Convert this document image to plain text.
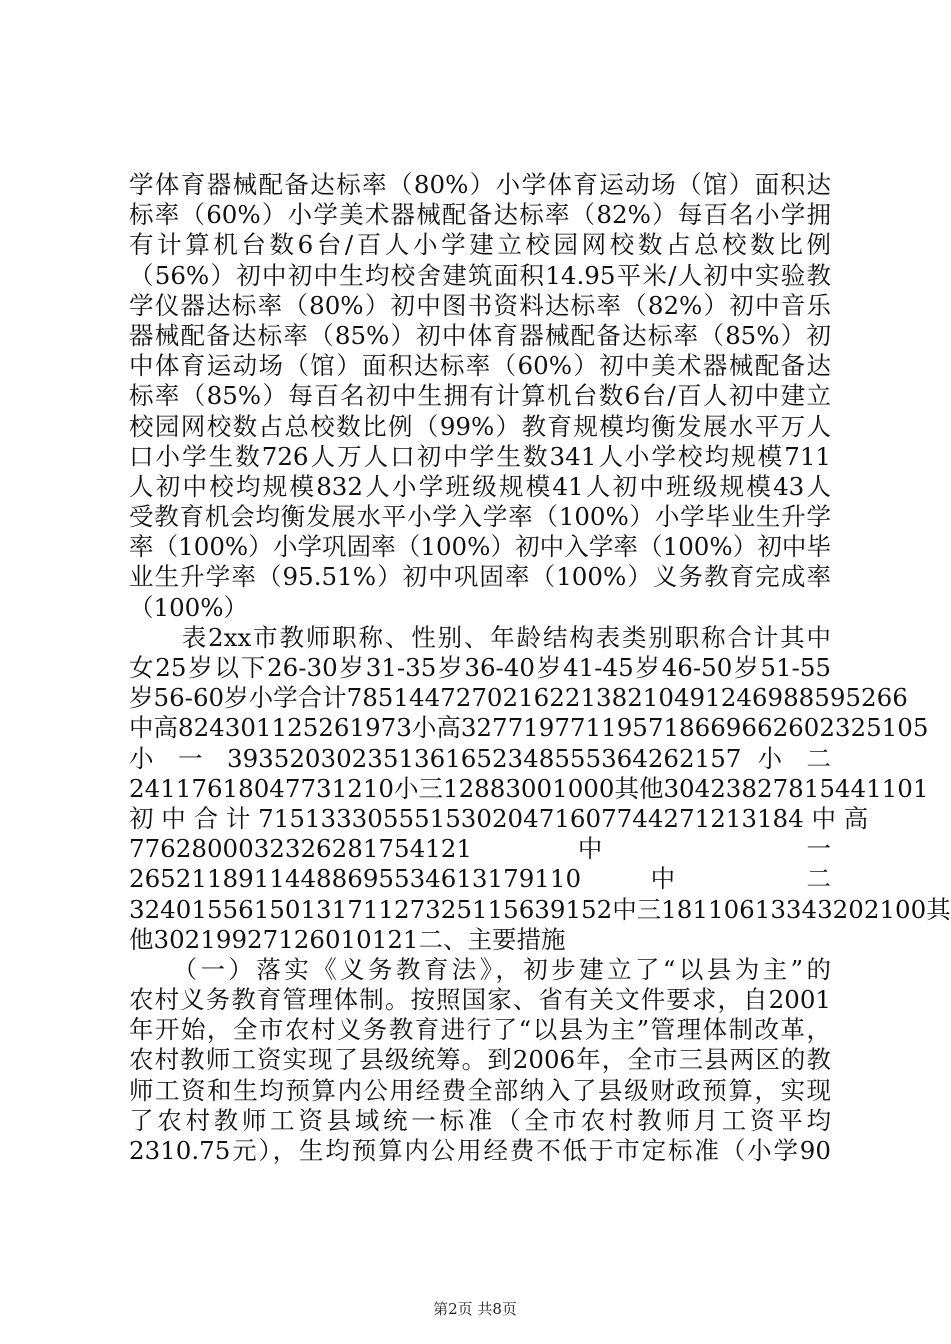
学体育器械配备达标率（80%）小学体育运动场（馆）面积达
标率（60%）小学美术器械配备达标率（82%）每百名小学拥
有计算机台数6台/百人小学建立校园网校数占总校数比例
（56%）初中初中生均校舍建筑面积14.95平米/人初中实验教
学仪器达标率（80%）初中图书资料达标率（82%）初中音乐
器械配备达标率（85%）初中体育器械配备达标率（85%）初
中体育运动场（馆）面积达标率（60%）初中美术器械配备达
标率（85%）每百名初中生拥有计算机台数6台/百人初中建立
校园网校数占总校数比例（99%）教育规模均衡发展水平万人
口小学生数726人万人口初中学生数341人小学校均规模711
人初中校均规模832人小学班级规模41人初中班级规模43人
受教育机会均衡发展水平小学入学率（100%）小学毕业生升学
率（100%）小学巩固率（100%）初中入学率（100%）初中毕
业生升学率（95.51%）初中巩固率（100%）义务教育完成率
（100%）
　　表2xx市教师职称、性别、年龄结构表类别职称合计其中
女25岁以下26-30岁31-35岁36-40岁41-45岁46-50岁51-55
岁56-60岁小学合计785144727021622138210491246988595266
中高824301125261973小高32771977119571866966260232510​5
小 一 39352030235136165234855536426215​7 小 二
24117618047731210小三12883001000其他30423827815441101
初 中 合 计 715133305551530204716077442712131​84 中 高
7762800032326281754121 中 一
2652118911448869553461317911​0 中 二
3240155615013171127325115639152中三18110613343202100其
他30219927126010121二、主要措施
　　（一）落实《义务教育法》，初步建立了“以县为主”的
农村义务教育管理体制。按照国家、省有关文件要求，自2001
年开始，全市农村义务教育进行了“以县为主”管理体制改革，
农村教师工资实现了县级统筹。到2006年，全市三县两区的教
师工资和生均预算内公用经费全部纳入了县级财政预算，实现
了农村教师工资县域统一标准（全市农村教师月工资平均
2310.75元），生均预算内公用经费不低于市定标准（小学90
第2页 共8页
